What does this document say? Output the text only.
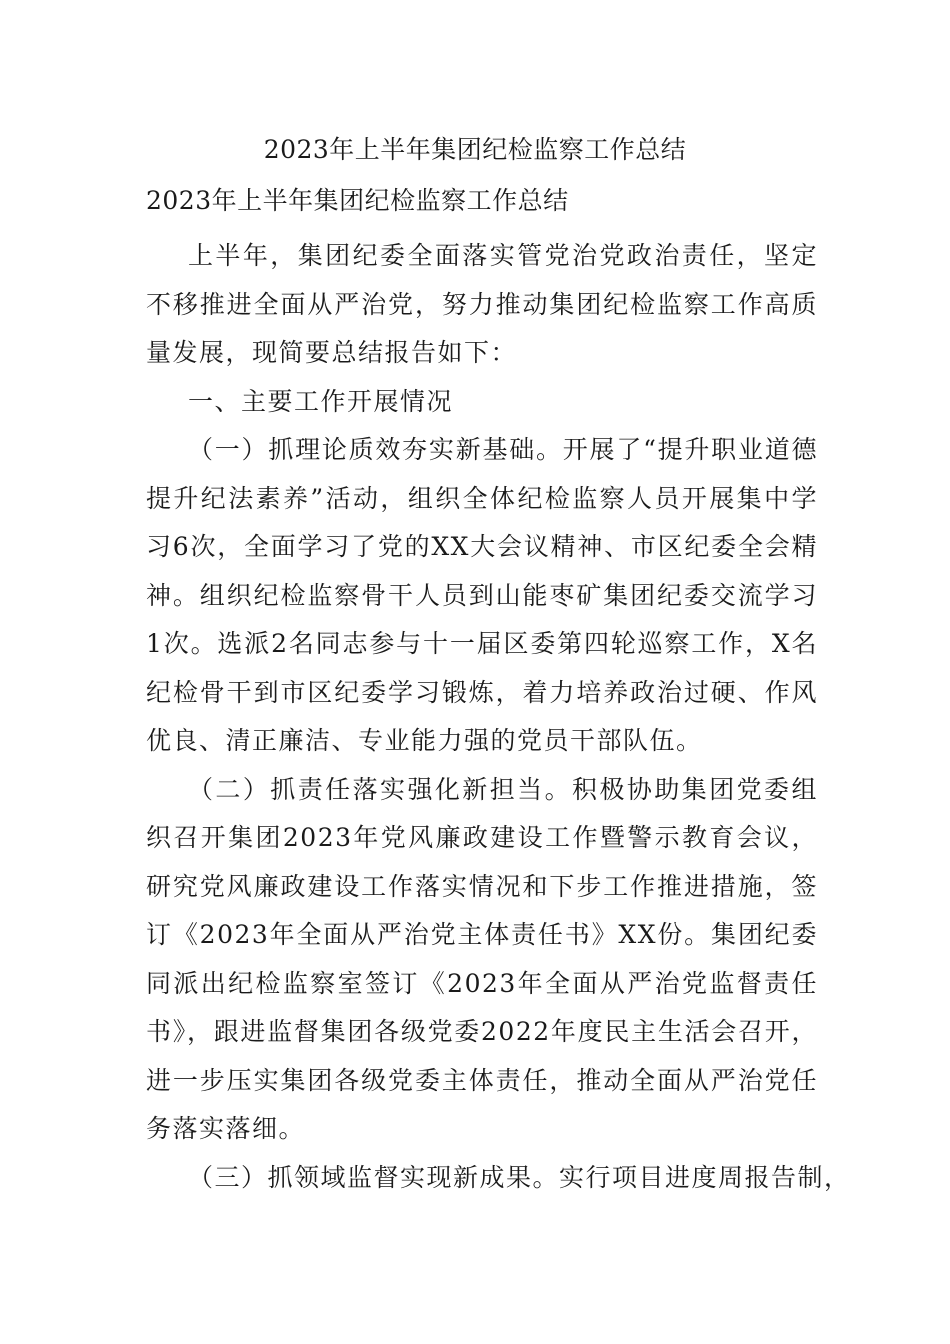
2023年上半年集团纪检监察工作总结
2023年上半年集团纪检监察工作总结

上半年，集团纪委全面落实管党治党政治责任，坚定不移推进全面从严治党，努力推动集团纪检监察工作高质量发展，现简要总结报告如下：

一、主要工作开展情况

（一）抓理论质效夯实新基础。开展了“提升职业道德提升纪法素养”活动，组织全体纪检监察人员开展集中学习6次，全面学习了党的XX大会议精神、市区纪委全会精神。组织纪检监察骨干人员到山能枣矿集团纪委交流学习1次。选派2名同志参与十一届区委第四轮巡察工作，X名纪检骨干到市区纪委学习锻炼，着力培养政治过硬、作风优良、清正廉洁、专业能力强的党员干部队伍。

（二）抓责任落实强化新担当。积极协助集团党委组织召开集团2023年党风廉政建设工作暨警示教育会议，研究党风廉政建设工作落实情况和下步工作推进措施，签订《2023年全面从严治党主体责任书》XX份。集团纪委同派出纪检监察室签订《2023年全面从严治党监督责任书》，跟进监督集团各级党委2022年度民主生活会召开，进一步压实集团各级党委主体责任，推动全面从严治党任务落实落细。

（三）抓领域监督实现新成果。实行项目进度周报告制，
